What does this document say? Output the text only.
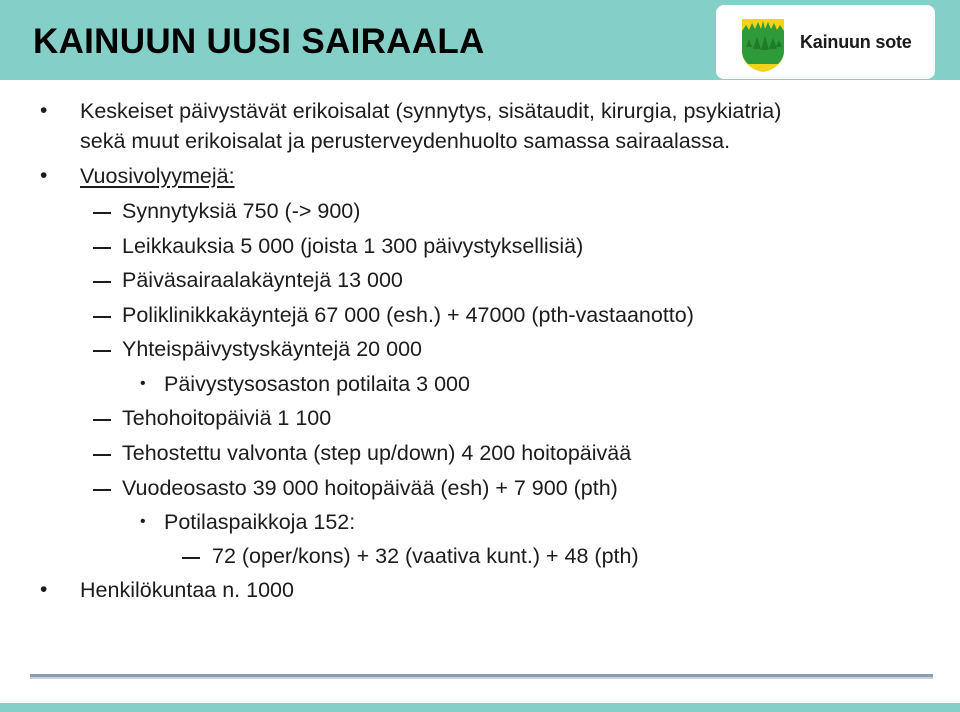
KAINUUN UUSI SAIRAALA	Kainuun sote
• Keskeiset päivystävät erikoisalat (synnytys, sisätaudit, kirurgia, psykiatria)
sekä muut erikoisalat ja perusterveydenhuolto samassa sairaalassa.
• Vuosivolyymejä:
Synnytyksiä 750 (-> 900)
Leikkauksia 5 000 (joista 1 300 päivystyksellisiä)
Päiväsairaalakäyntejä 13 000
Poliklinikkakäyntejä 67 000 (esh.) + 47000 (pth-vastaanotto)
Yhteispäivystyskäyntejä 20 000
• Päivystysosaston potilaita 3 000
Tehohoitopäiviä 1 100
Tehostettu valvonta (step up/down) 4 200 hoitopäivää
Vuodeosasto 39 000 hoitopäivää (esh) + 7 900 (pth)
• Potilaspaikkoja 152:
72 (oper/kons) + 32 (vaativa kunt.) + 48 (pth)
• Henkilökuntaa n. 1000
